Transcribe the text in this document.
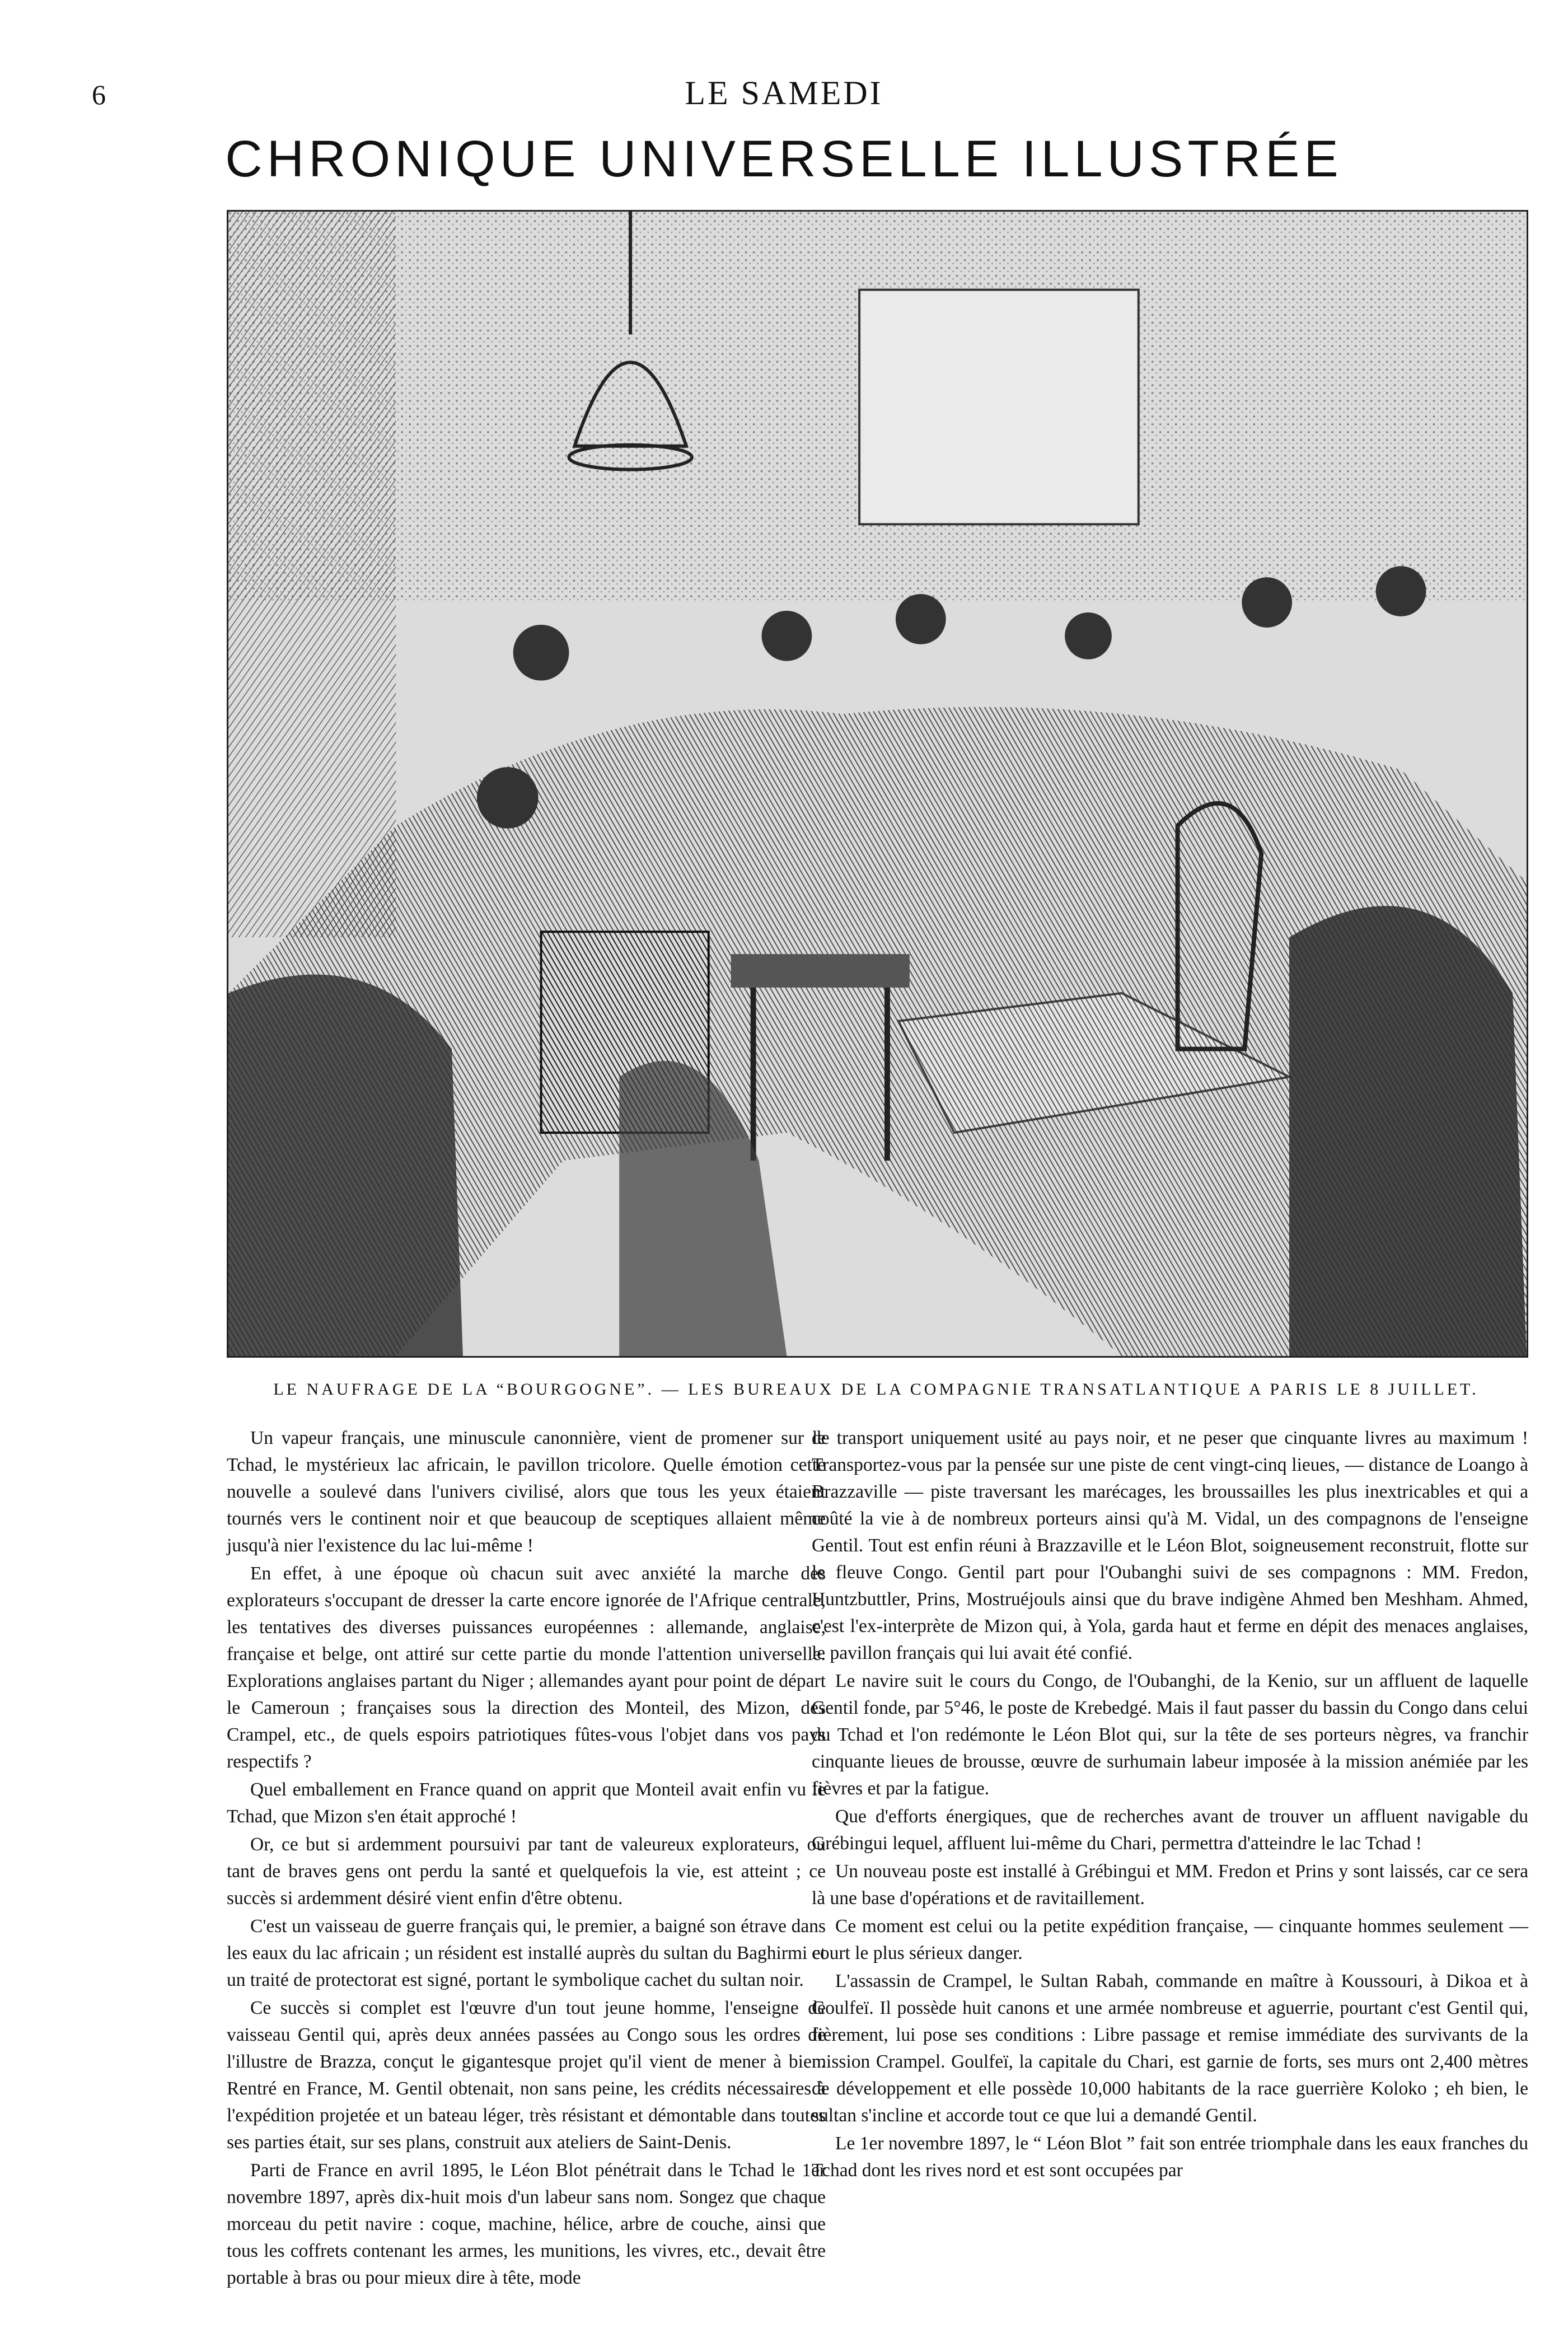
6	LE SAMEDI
CHRONIQUE UNIVERSELLE ILLUSTRÉE
LE NAUFRAGE DE LA “BOURGOGNE”. — LES BUREAUX DE LA COMPAGNIE TRANSATLANTIQUE A PARIS LE 8 JUILLET.

Un vapeur français, une minuscule canonnière, vient de promener sur le Tchad, le mystérieux lac africain, le pavillon tricolore. Quelle émotion cette nouvelle a soulevé dans l'univers civilisé, alors que tous les yeux étaient tournés vers le continent noir et que beaucoup de sceptiques allaient même jusqu'à nier l'existence du lac lui-même !

En effet, à une époque où chacun suit avec anxiété la marche des explorateurs s'occupant de dresser la carte encore ignorée de l'Afrique centrale, les tentatives des diverses puissances européennes : allemande, anglaise, française et belge, ont attiré sur cette partie du monde l'attention universelle. Explorations anglaises partant du Niger ; allemandes ayant pour point de départ le Cameroun ; françaises sous la direction des Monteil, des Mizon, des Crampel, etc., de quels espoirs patriotiques fûtes-vous l'objet dans vos pays respectifs ?

Quel emballement en France quand on apprit que Monteil avait enfin vu le Tchad, que Mizon s'en était approché !

Or, ce but si ardemment poursuivi par tant de valeureux explorateurs, ou tant de braves gens ont perdu la santé et quelquefois la vie, est atteint ; ce succès si ardemment désiré vient enfin d'être obtenu.

C'est un vaisseau de guerre français qui, le premier, a baigné son étrave dans les eaux du lac africain ; un résident est installé auprès du sultan du Baghirmi et un traité de protectorat est signé, portant le symbolique cachet du sultan noir.

Ce succès si complet est l'œuvre d'un tout jeune homme, l'enseigne de vaisseau Gentil qui, après deux années passées au Congo sous les ordres de l'illustre de Brazza, conçut le gigantesque projet qu'il vient de mener à bien. Rentré en France, M. Gentil obtenait, non sans peine, les crédits nécessaires à l'expédition projetée et un bateau léger, très résistant et démontable dans toutes ses parties était, sur ses plans, construit aux ateliers de Saint-Denis.

Parti de France en avril 1895, le Léon Blot pénétrait dans le Tchad le 1er novembre 1897, après dix-huit mois d'un labeur sans nom. Songez que chaque morceau du petit navire : coque, machine, hélice, arbre de couche, ainsi que tous les coffrets contenant les armes, les munitions, les vivres, etc., devait être portable à bras ou pour mieux dire à tête, mode

de transport uniquement usité au pays noir, et ne peser que cinquante livres au maximum ! Transportez-vous par la pensée sur une piste de cent vingt-cinq lieues, — distance de Loango à Brazzaville — piste traversant les marécages, les broussailles les plus inextricables et qui a coûté la vie à de nombreux porteurs ainsi qu'à M. Vidal, un des compagnons de l'enseigne Gentil. Tout est enfin réuni à Brazzaville et le Léon Blot, soigneusement reconstruit, flotte sur le fleuve Congo. Gentil part pour l'Oubanghi suivi de ses compagnons : MM. Fredon, Huntzbuttler, Prins, Mostruéjouls ainsi que du brave indigène Ahmed ben Meshham. Ahmed, c'est l'ex-interprète de Mizon qui, à Yola, garda haut et ferme en dépit des menaces anglaises, le pavillon français qui lui avait été confié.

Le navire suit le cours du Congo, de l'Oubanghi, de la Kenio, sur un affluent de laquelle Gentil fonde, par 5°46, le poste de Krebedgé. Mais il faut passer du bassin du Congo dans celui du Tchad et l'on redémonte le Léon Blot qui, sur la tête de ses porteurs nègres, va franchir cinquante lieues de brousse, œuvre de surhumain labeur imposée à la mission anémiée par les fièvres et par la fatigue.

Que d'efforts énergiques, que de recherches avant de trouver un affluent navigable du Grébingui lequel, affluent lui-même du Chari, permettra d'atteindre le lac Tchad !

Un nouveau poste est installé à Grébingui et MM. Fredon et Prins y sont laissés, car ce sera là une base d'opérations et de ravitaillement.

Ce moment est celui ou la petite expédition française, — cinquante hommes seulement — court le plus sérieux danger.

L'assassin de Crampel, le Sultan Rabah, commande en maître à Koussouri, à Dikoa et à Goulfeï. Il possède huit canons et une armée nombreuse et aguerrie, pourtant c'est Gentil qui, fièrement, lui pose ses conditions : Libre passage et remise immédiate des survivants de la mission Crampel. Goulfeï, la capitale du Chari, est garnie de forts, ses murs ont 2,400 mètres de développement et elle possède 10,000 habitants de la race guerrière Koloko ; eh bien, le sultan s'incline et accorde tout ce que lui a demandé Gentil.

Le 1er novembre 1897, le “ Léon Blot ” fait son entrée triomphale dans les eaux franches du Tchad dont les rives nord et est sont occupées par
